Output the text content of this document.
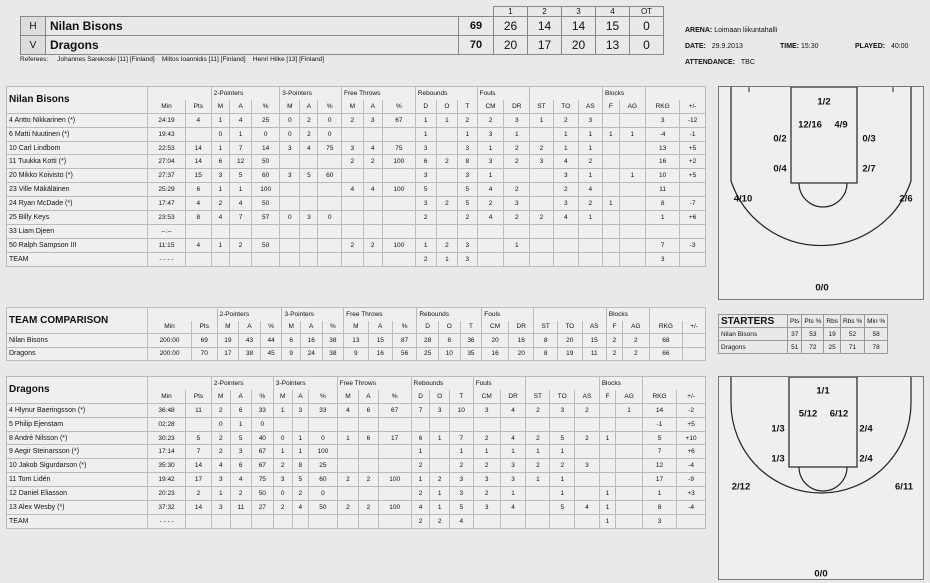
			1	2	3	4	OT
H	Nilan Bisons	69	26	14	14	15	0
V	Dragons	70	20	17	20	13	0
Referees: Johannes Sarekoski [11] [Finland] Miltos Ioannidis [11] [Finland] Henri Hilke [13] [Finland]
ARENA: Loimaan liikuntahalli
DATE: 29.9.2013	TIME: 15:30	PLAYED: 40:00
ATTENDANCE: TBC
Nilan Bisons			2-Pointers			3-Pointers			Free Throws			Rebounds			Fouls					Blocks			
	Min	Pts	M	A	%	M	A	%	M	A	%	D	O	T	CM	DR	ST	TO	AS	F	AG	RKG	+/-
4 Antto Nikkarinen (*)	24:19	4	1	4	25	0	2	0	2	3	67	1	1	2	2	3	1	2	3			3	-12
6 Matti Nuutinen (*)	19:43		0	1	0	0	2	0				1		1	3	1		1	1	1	1	-4	-1
10 Carl Lindbom	22:53	14	1	7	14	3	4	75	3	4	75	3		3	1	2	2	1	1			13	+5
11 Tuukka Kotti (*)	27:04	14	6	12	50				2	2	100	6	2	8	3	2	3	4	2			16	+2
20 Mikko Koivisto (*)	27:37	15	3	5	60	3	5	60				3		3	1			3	1		1	10	+5
23 Ville Mäkäläinen	25:29	6	1	1	100				4	4	100	5		5	4	2		2	4			11	
24 Ryan McDade (*)	17:47	4	2	4	50							3	2	5	2	3		3	2	1		8	-7
25 Billy Keys	23:53	8	4	7	57	0	3	0				2		2	4	2	2	4	1			1	+6
33 Liam Djeen	--:--																						
50 Ralph Sampson III	11:15	4	1	2	50				2	2	100	1	2	3		1						7	-3
TEAM	- - - -											2	1	3								3	
TEAM COMPARISON			2-Pointers			3-Pointers			Free Throws			Rebounds			Fouls					Blocks			
	Min	Pts	M	A	%	M	A	%	M	A	%	D	O	T	CM	DR	ST	TO	AS	F	AG	RKG	+/-
Nilan Bisons	200:00	69	19	43	44	6	16	38	13	15	87	28	8	36	20	16	8	20	15	2	2	68	
Dragons	200:00	70	17	38	45	9	24	38	9	16	56	25	10	35	16	20	8	19	11	2	2	66	
Dragons			2-Pointers			3-Pointers			Free Throws			Rebounds			Fouls					Blocks			
	Min	Pts	M	A	%	M	A	%	M	A	%	D	O	T	CM	DR	ST	TO	AS	F	AG	RKG	+/-
4 Hlynur Baeringsson (*)	36:48	11	2	6	33	1	3	33	4	6	67	7	3	10	3	4	2	3	2		1	14	-2
5 Philip Ejenstam	02:28		0	1	0																	-1	+5
8 André Nilsson (*)	30:23	5	2	5	40	0	1	0	1	6	17	6	1	7	2	4	2	5	2	1		5	+10
9 Aegir Steinarsson (*)	17:14	7	2	3	67	1	1	100				1		1	1	1	1	1				7	+6
10 Jakob Sigurdarson (*)	35:30	14	4	6	67	2	8	25				2		2	2	3	2	2	3			12	-4
11 Tom Lidén	19:42	17	3	4	75	3	5	60	2	2	100	1	2	3	3	3	1	1				17	-9
12 Daniel Eliasson	20:23	2	1	2	50	0	2	0				2	1	3	2	1		1		1		1	+3
13 Alex Wesby (*)	37:32	14	3	11	27	2	4	50	2	2	100	4	1	5	3	4		5	4	1		8	-4
TEAM	- - - -											2	2	4						1		3	
STARTERS	Pts	Pts %	Rbs	Rbs %	Min %
Nilan Bisons	37	53	19	52	58
Dragons	51	72	25	71	78
1/2
12/16 4/9
0/2	0/3
0/4	2/7
4/10	2/6
0/0
1/1
5/12 6/12
1/3	2/4
1/3	2/4
2/12	6/11
0/0
